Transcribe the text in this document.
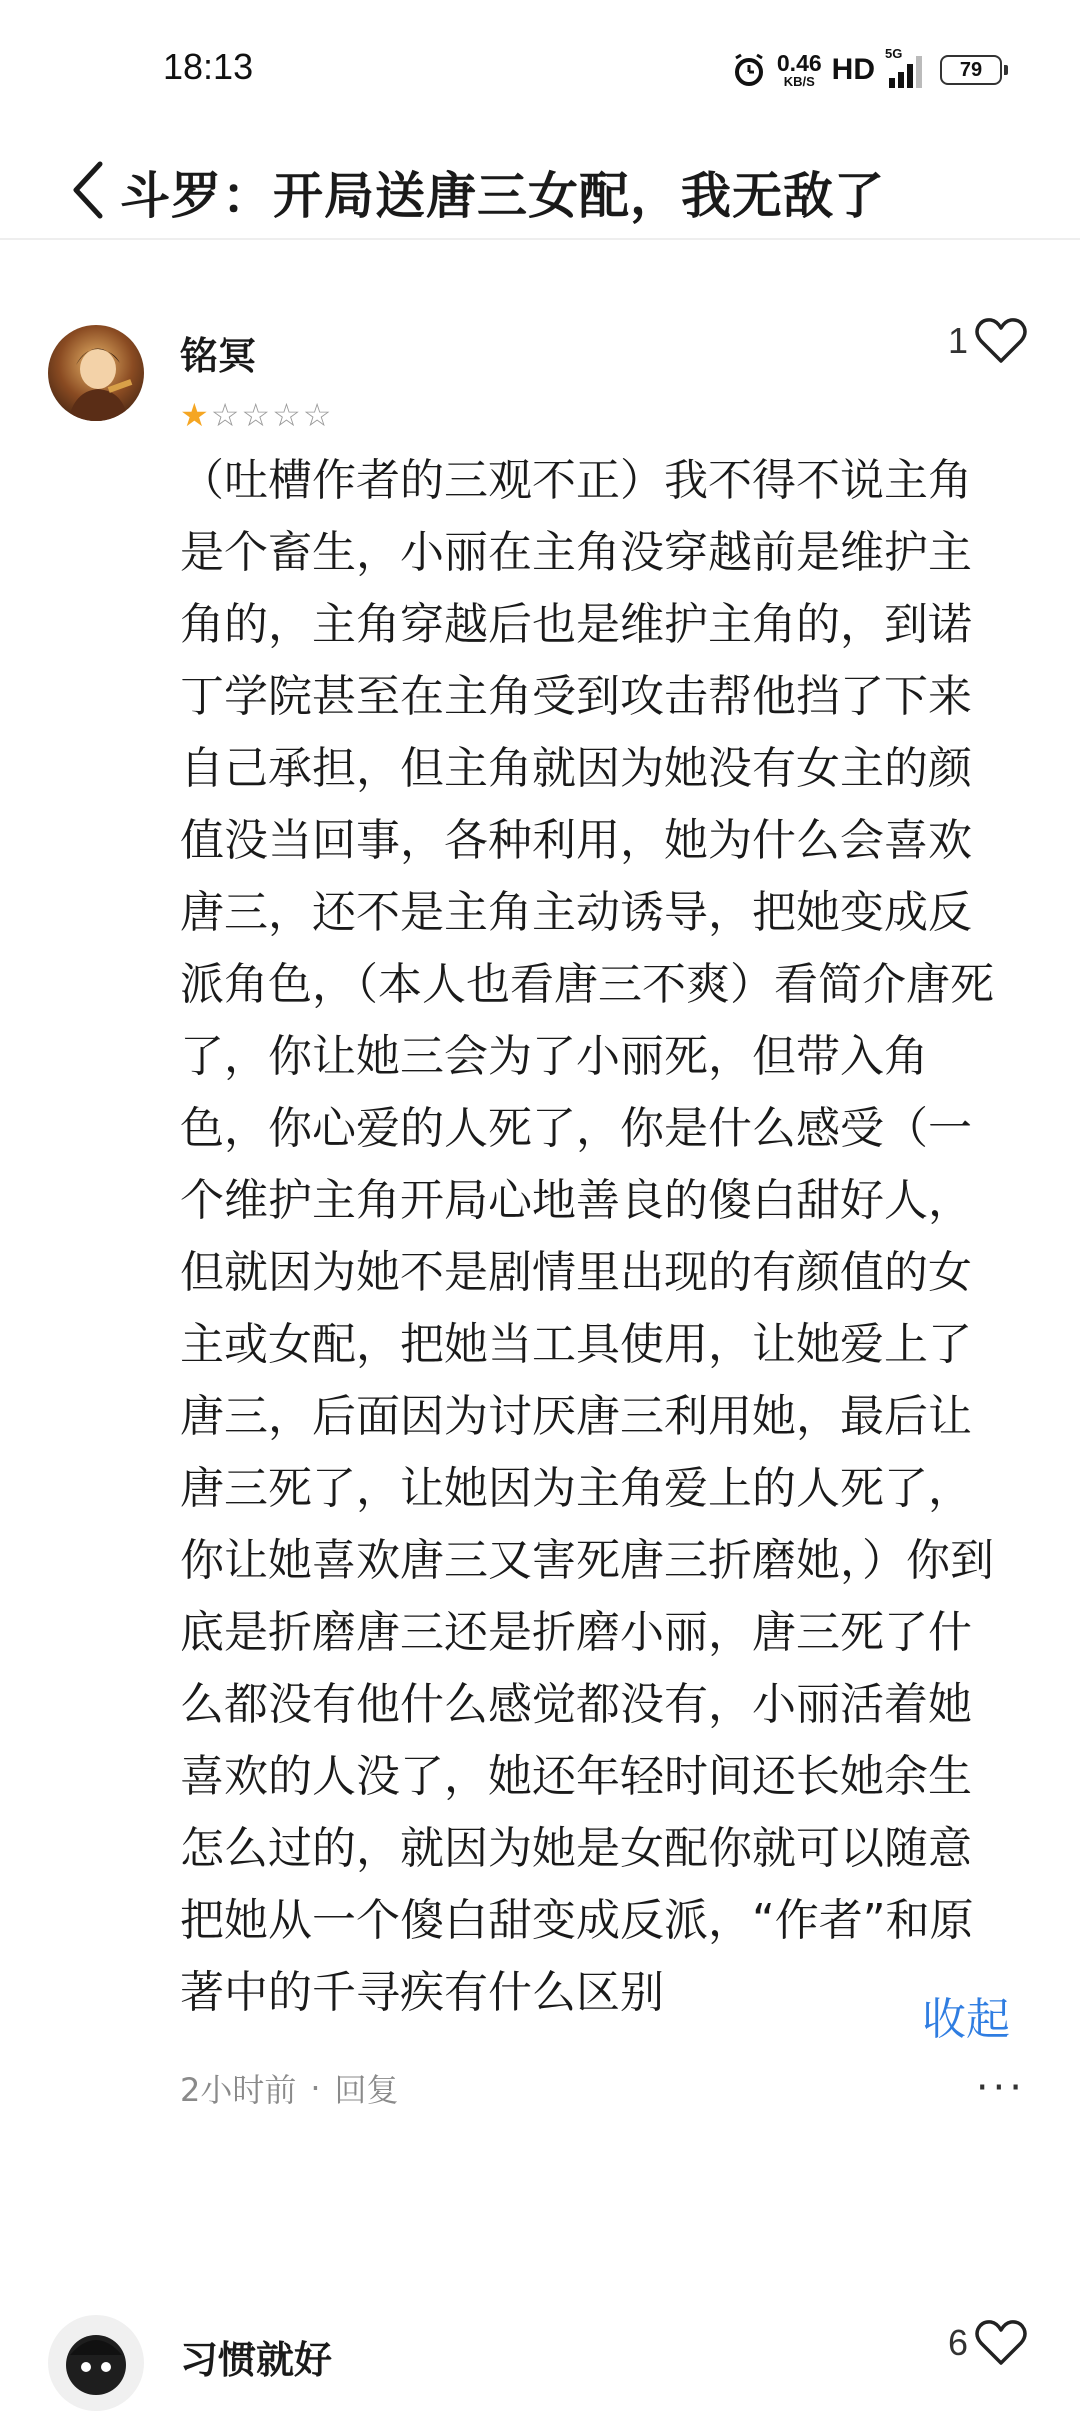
18:13	0.46
KB/S HD 5G
79
斗罗：开局送唐三女配，我无敌了
铭冥	1
★ ☆ ☆ ☆ ☆
（吐槽作者的三观不正）我不得不说主角是个畜生，小丽在主角没穿越前是维护主角的，主角穿越后也是维护主角的，到诺丁学院甚至在主角受到攻击帮他挡了下来自己承担，但主角就因为她没有女主的颜值没当回事，各种利用，她为什么会喜欢唐三，还不是主角主动诱导，把她变成反派角色，（本人也看唐三不爽）看简介唐死了，你让她三会为了小丽死，但带入角色，你心爱的人死了，你是什么感受（一个维护主角开局心地善良的傻白甜好人，但就因为她不是剧情里出现的有颜值的女主或女配，把她当工具使用，让她爱上了唐三，后面因为讨厌唐三利用她，最后让唐三死了，让她因为主角爱上的人死了，你让她喜欢唐三又害死唐三折磨她，）你到底是折磨唐三还是折磨小丽，唐三死了什么都没有他什么感觉都没有，小丽活着她喜欢的人没了，她还年轻时间还长她余生怎么过的，就因为她是女配你就可以随意把她从一个傻白甜变成反派，“作者”和原著中的千寻疾有什么区别
收起
2小时前 · 回复	···
习惯就好	6
